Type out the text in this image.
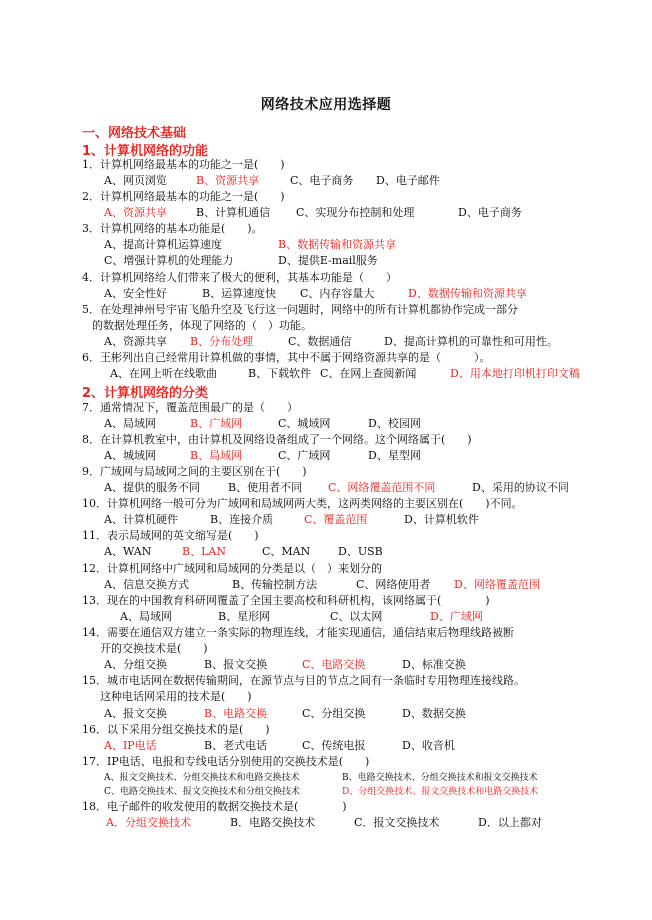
网络技术应用选择题
一、网络技术基础
1、计算机网络的功能
1．计算机网络最基本的功能之一是(　　)
A、网页浏览	B、资源共享	C、电子商务 D、电子邮件
2．计算机网络最基本的功能之一是(　　)
A、资源共享	B、计算机通信 C、实现分布控制和处理	D、电子商务
3．计算机网络的基本功能是(　　)。
A、提高计算机运算速度	B、数据传输和资源共享
C、增强计算机的处理能力	D、提供E-mail服务
4．计算机网络给人们带来了极大的便利，其基本功能是（　　）
A、安全性好	B、运算速度快 C、内存容量大	D、数据传输和资源共享
5．在处理神州号宇宙飞船升空及飞行这一问题时，网络中的所有计算机都协作完成一部分
的数据处理任务，体现了网络的（　）功能。
A、资源共享 B、分布处理	C、数据通信	D、提高计算机的可靠性和可用性。
6．王彬列出自己经常用计算机做的事情，其中不属于网络资源共享的是（　　　）。
A、在网上听在线歌曲	B、下载软件 C、在网上查阅新闻	D、用本地打印机打印文稿
2、计算机网络的分类
7．通常情况下，覆盖范围最广的是（　　）
A、局域网	B、广域网	C、城域网	D、校园网
8．在计算机教室中，由计算机及网络设备组成了一个网络。这个网络属于(　　)
A、城域网	B、局域网	C、广域网	D、星型网
9．广域网与局域网之间的主要区别在于(　　)
A、提供的服务不同	B、使用者不同 C、网络覆盖范围不同	D、采用的协议不同
10．计算机网络一般可分为广域网和局域网两大类，这两类网络的主要区别在(　　)不同。
A、计算机硬件	B、连接介质	C、覆盖范围	D、计算机软件
11．表示局域网的英文缩写是(　　)
A、WAN	B、LAN	C、MAN	D、USB
12．计算机网络中广域网和局域网的分类是以（　）来划分的
A、信息交换方式	B、传输控制方法	C、网络使用者 D、网络覆盖范围
13．现在的中国教育科研网覆盖了全国主要高校和科研机构，该网络属于(　　　　)
A、局域网	B、星形网	C、以太网	D、广域网
14．需要在通信双方建立一条实际的物理连线，才能实现通信，通信结束后物理线路被断
开的交换技术是(　　)
A、分组交换	B、报文交换	C、电路交换	D、标准交换
15．城市电话网在数据传输期间，在源节点与目的节点之间有一条临时专用物理连接线路。
这种电话网采用的技术是(　　)
A、报文交换	B、电路交换	C、分组交换	D、数据交换
16．以下采用分组交换技术的是(　　)
A、IP电话	B、老式电话	C、传统电报	D、收音机
17．IP电话、电报和专线电话分别使用的交换技术是(　　)
A、报文交换技术、分组交换技术和电路交换技术	B、电路交换技术、分组交换技术和报文交换技术
C、电路交换技术、报文交换技术和分组交换技术	D、分组交换技术、报文交换技术和电路交换技术
18．电子邮件的收发使用的数据交换技术是(　　　　)
A．分组交换技术	B．电路交换技术	C．报文交换技术	D．以上都对
